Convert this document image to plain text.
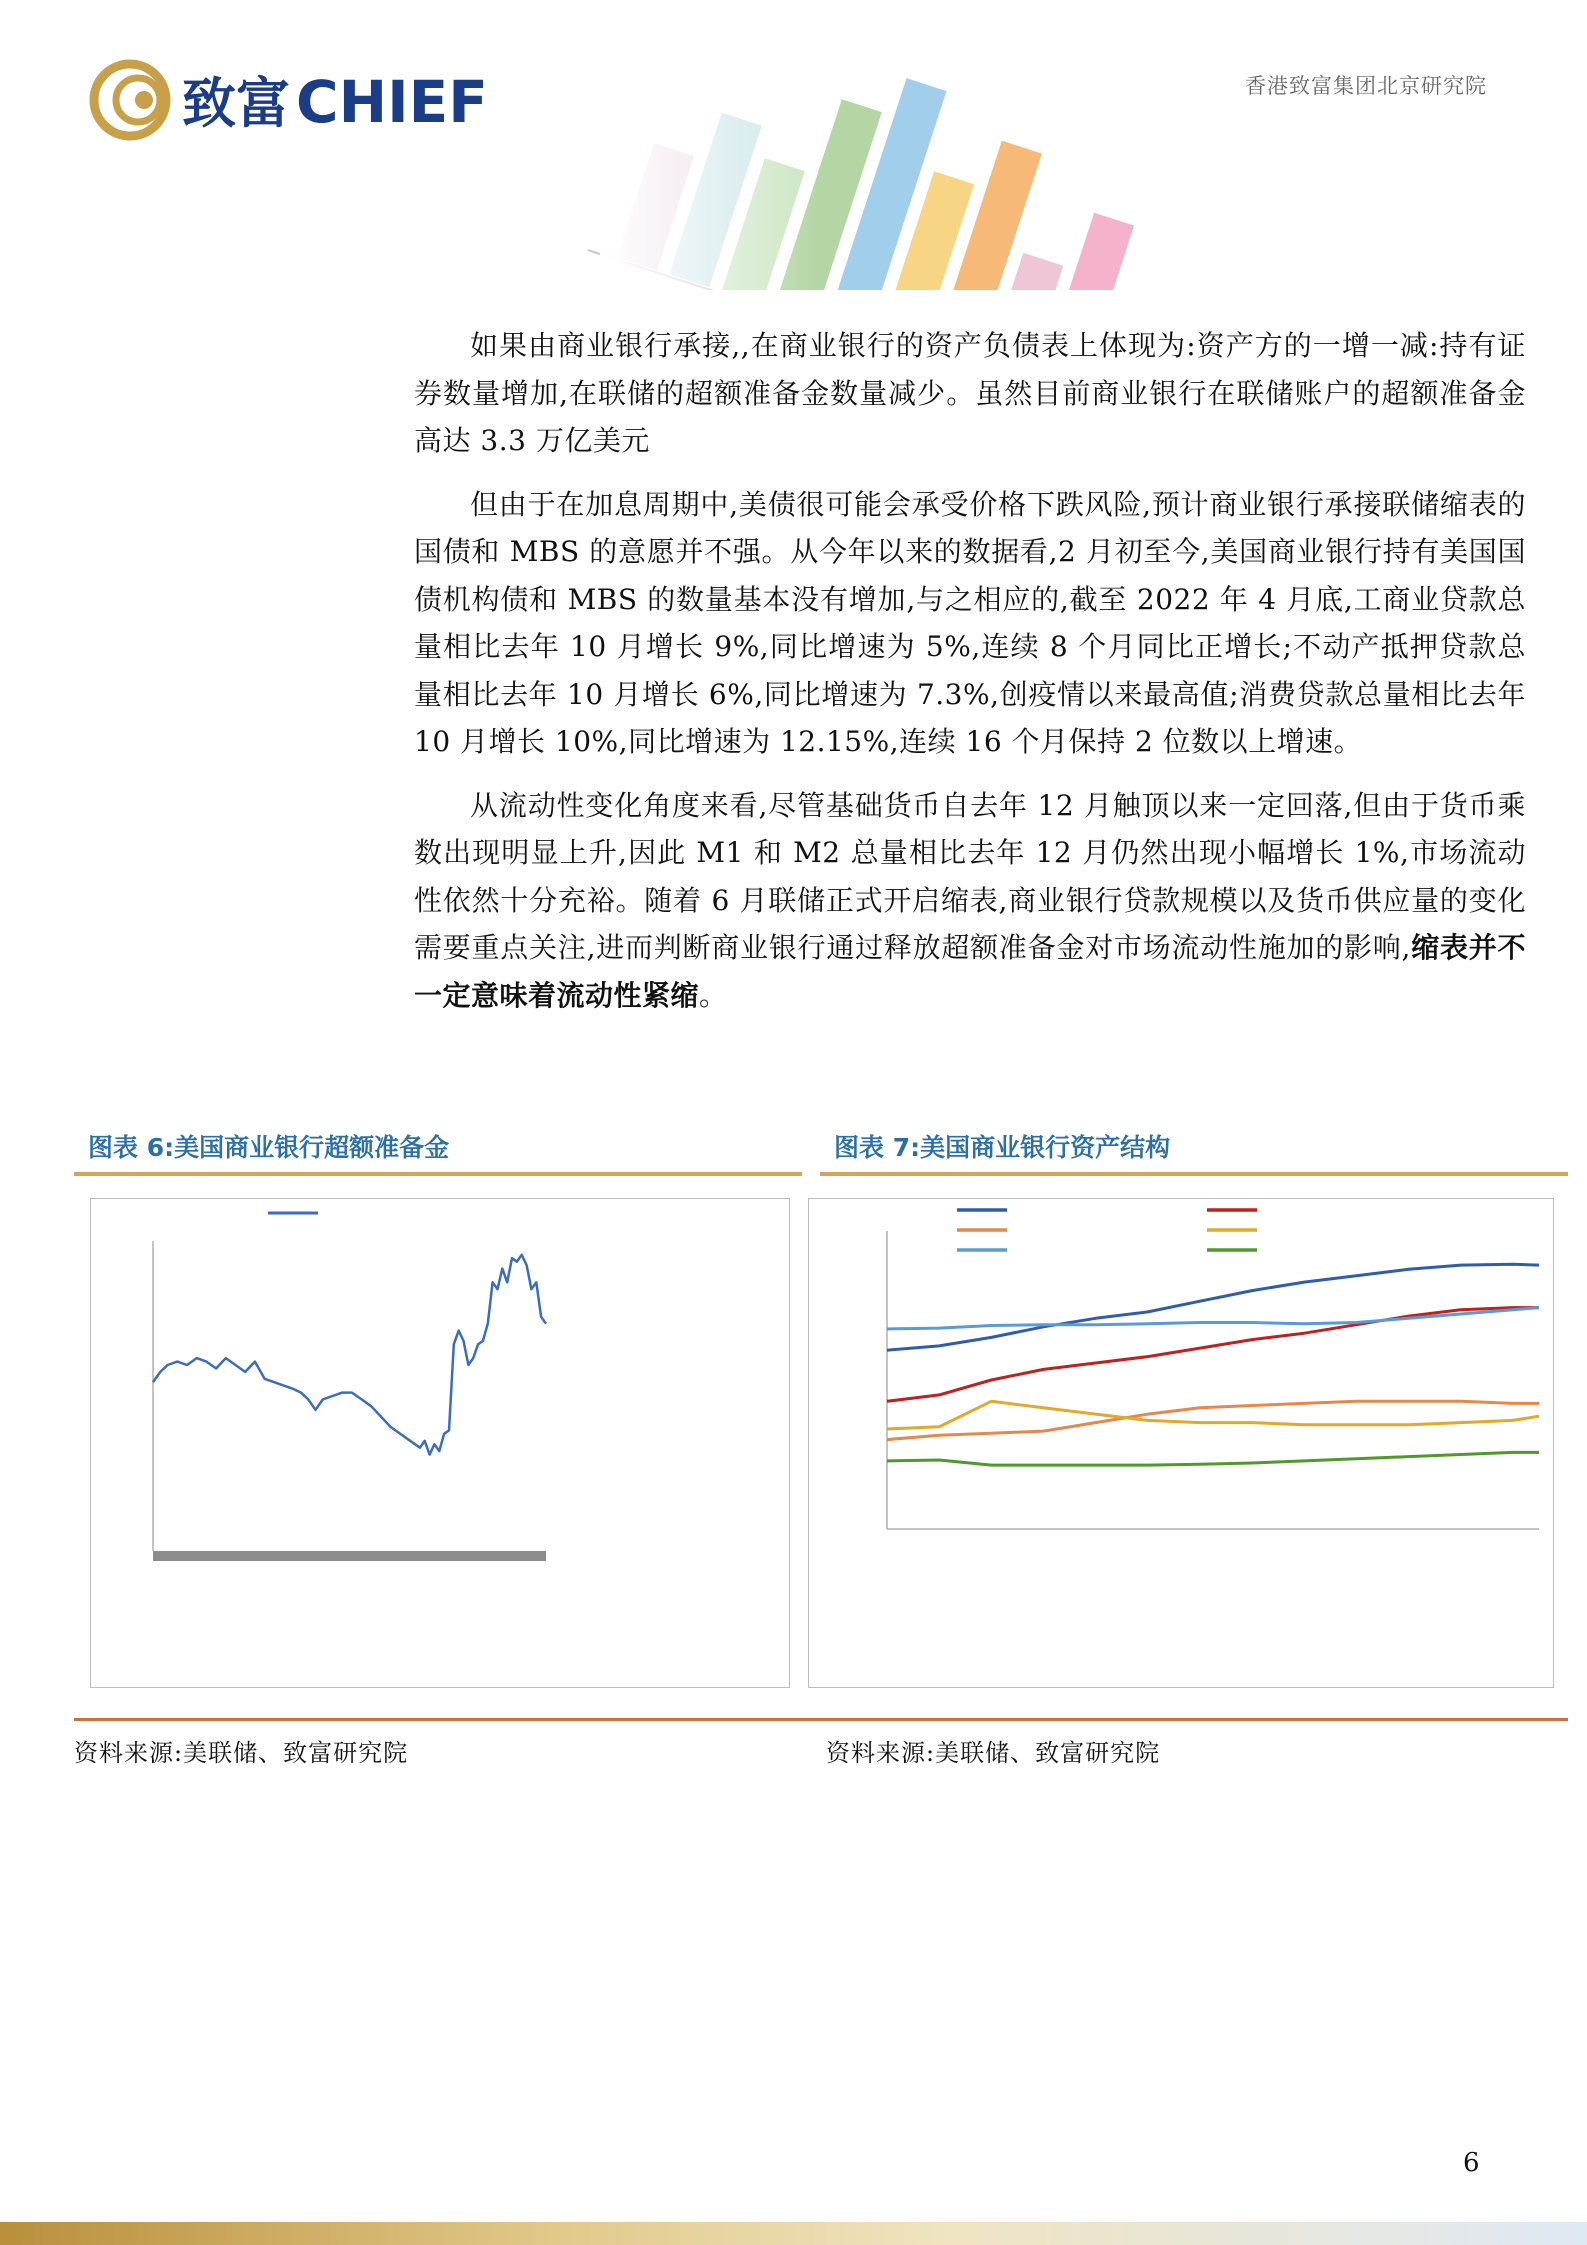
致富 CHIEF	香港致富集团北京研究院

如果由商业银行承接,,在商业银行的资产负债表上体现为:资产方的一增一减:持有证券数量增加,在联储的超额准备金数量减少。虽然目前商业银行在联储账户的超额准备金高达 3.3 万亿美元

但由于在加息周期中,美债很可能会承受价格下跌风险,预计商业银行承接联储缩表的国债和 MBS 的意愿并不强。从今年以来的数据看,2 月初至今,美国商业银行持有美国国债机构债和 MBS 的数量基本没有增加,与之相应的,截至 2022 年 4 月底,工商业贷款总量相比去年 10 月增长 9%,同比增速为 5%,连续 8 个月同比正增长;不动产抵押贷款总量相比去年 10 月增长 6%,同比增速为 7.3%,创疫情以来最高值;消费贷款总量相比去年 10 月增长 10%,同比增速为 12.15%,连续 16 个月保持 2 位数以上增速。

从流动性变化角度来看,尽管基础货币自去年 12 月触顶以来一定回落,但由于货币乘数出现明显上升,因此 M1 和 M2 总量相比去年 12 月仍然出现小幅增长 1%,市场流动性依然十分充裕。随着 6 月联储正式开启缩表,商业银行贷款规模以及货币供应量的变化需要重点关注,进而判断商业银行通过释放超额准备金对市场流动性施加的影响,缩表并不一定意味着流动性紧缩。

图表 6:美国商业银行超额准备金	图表 7:美国商业银行资产结构
资料来源:美联储、致富研究院	资料来源:美联储、致富研究院
6
